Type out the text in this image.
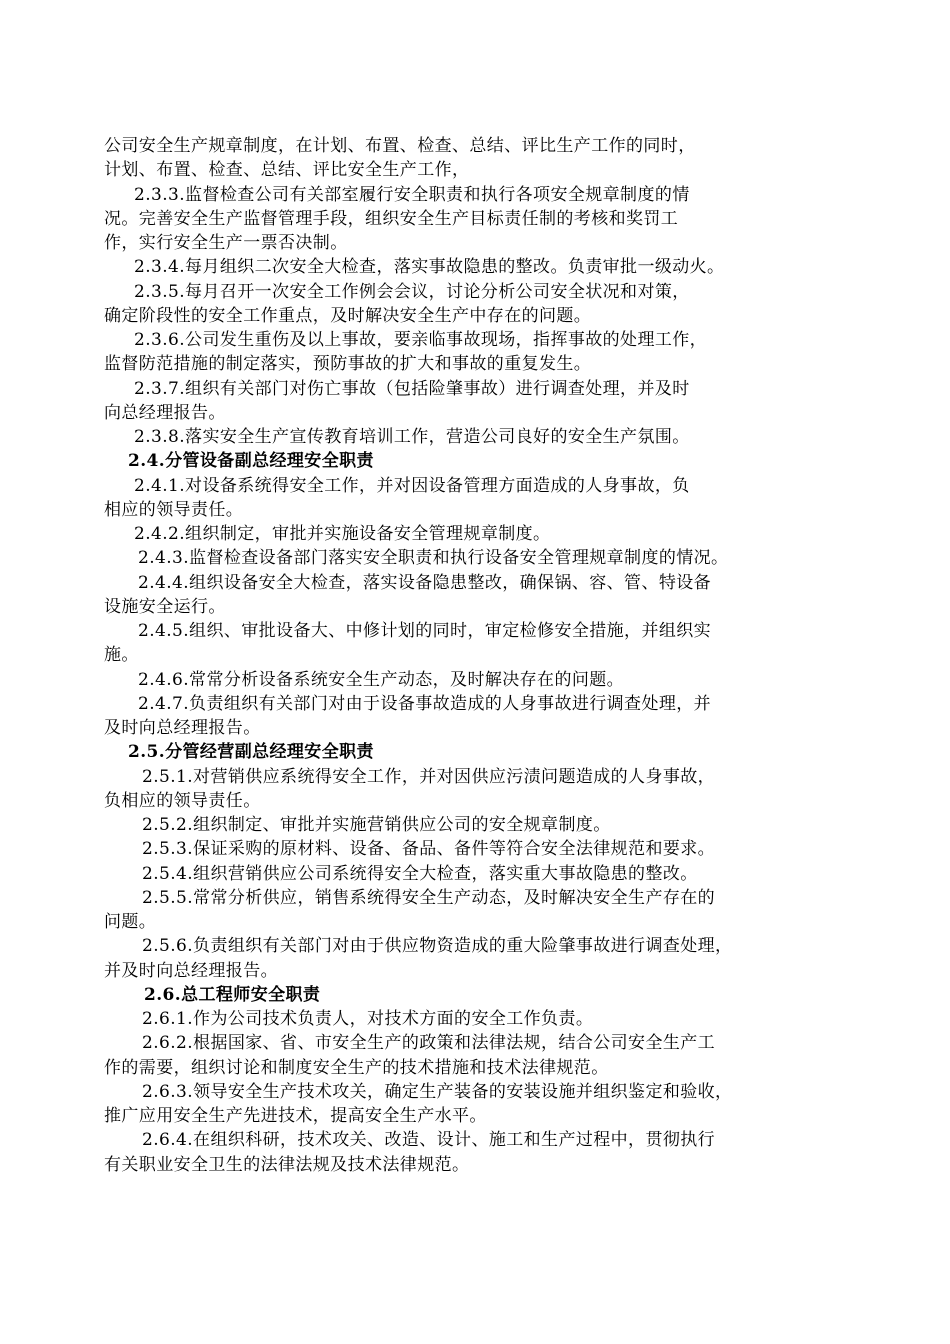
公司安全生产规章制度，在计划、布置、检查、总结、评比生产工作的同时，
计划、布置、检查、总结、评比安全生产工作，
2.3.3.监督检查公司有关部室履行安全职责和执行各项安全规章制度的情
况。完善安全生产监督管理手段，组织安全生产目标责任制的考核和奖罚工
作，实行安全生产一票否决制。
2.3.4.每月组织二次安全大检查，落实事故隐患的整改。负责审批一级动火。
2.3.5.每月召开一次安全工作例会会议，讨论分析公司安全状况和对策，
确定阶段性的安全工作重点，及时解决安全生产中存在的问题。
2.3.6.公司发生重伤及以上事故，要亲临事故现场，指挥事故的处理工作，
监督防范措施的制定落实，预防事故的扩大和事故的重复发生。
2.3.7.组织有关部门对伤亡事故（包括险肇事故）进行调查处理，并及时
向总经理报告。
2.3.8.落实安全生产宣传教育培训工作，营造公司良好的安全生产氛围。
2.4.分管设备副总经理安全职责
2.4.1.对设备系统得安全工作，并对因设备管理方面造成的人身事故，负
相应的领导责任。
2.4.2.组织制定，审批并实施设备安全管理规章制度。
2.4.3.监督检查设备部门落实安全职责和执行设备安全管理规章制度的情况。
2.4.4.组织设备安全大检查，落实设备隐患整改，确保锅、容、管、特设备
设施安全运行。
2.4.5.组织、审批设备大、中修计划的同时，审定检修安全措施，并组织实
施。
2.4.6.常常分析设备系统安全生产动态，及时解决存在的问题。
2.4.7.负责组织有关部门对由于设备事故造成的人身事故进行调查处理，并
及时向总经理报告。
2.5.分管经营副总经理安全职责
2.5.1.对营销供应系统得安全工作，并对因供应污渍问题造成的人身事故，
负相应的领导责任。
2.5.2.组织制定、审批并实施营销供应公司的安全规章制度。
2.5.3.保证采购的原材料、设备、备品、备件等符合安全法律规范和要求。
2.5.4.组织营销供应公司系统得安全大检查，落实重大事故隐患的整改。
2.5.5.常常分析供应，销售系统得安全生产动态，及时解决安全生产存在的
问题。
2.5.6.负责组织有关部门对由于供应物资造成的重大险肇事故进行调查处理，
并及时向总经理报告。
2.6.总工程师安全职责
2.6.1.作为公司技术负责人，对技术方面的安全工作负责。
2.6.2.根据国家、省、市安全生产的政策和法律法规，结合公司安全生产工
作的需要，组织讨论和制度安全生产的技术措施和技术法律规范。
2.6.3.领导安全生产技术攻关，确定生产装备的安装设施并组织鉴定和验收，
推广应用安全生产先进技术，提高安全生产水平。
2.6.4.在组织科研，技术攻关、改造、设计、施工和生产过程中，贯彻执行
有关职业安全卫生的法律法规及技术法律规范。
